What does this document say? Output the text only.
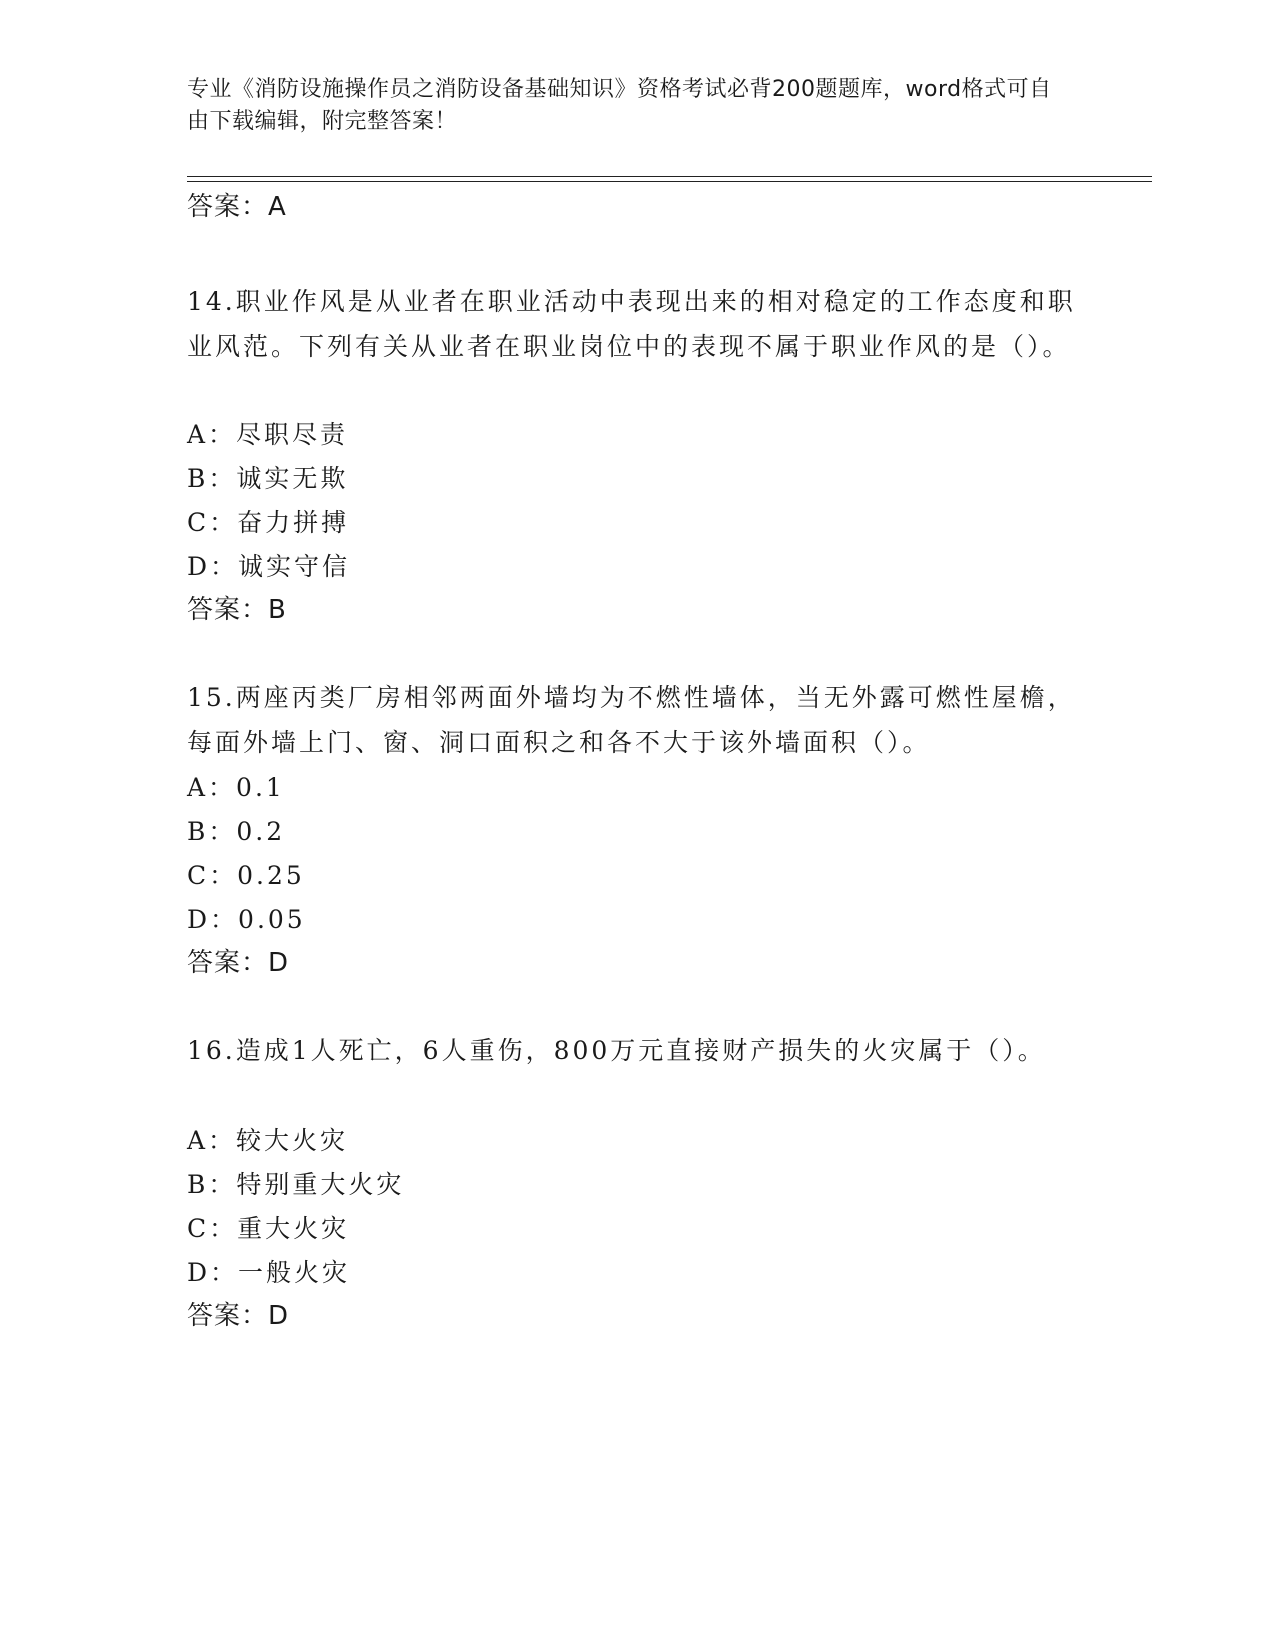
专业《消防设施操作员之消防设备基础知识》资格考试必背200题题库，word格式可自由下载编辑，附完整答案！
答案：A
14.职业作风是从业者在职业活动中表现出来的相对稳定的工作态度和职业风范。下列有关从业者在职业岗位中的表现不属于职业作风的是（）。
A：尽职尽责
B：诚实无欺
C：奋力拼搏
D：诚实守信
答案：B
15.两座丙类厂房相邻两面外墙均为不燃性墙体，当无外露可燃性屋檐，每面外墙上门、窗、洞口面积之和各不大于该外墙面积（）。
A：0.1
B：0.2
C：0.25
D：0.05
答案：D
16.造成1人死亡，6人重伤，800万元直接财产损失的火灾属于（）。
A：较大火灾
B：特别重大火灾
C：重大火灾
D：一般火灾
答案：D
